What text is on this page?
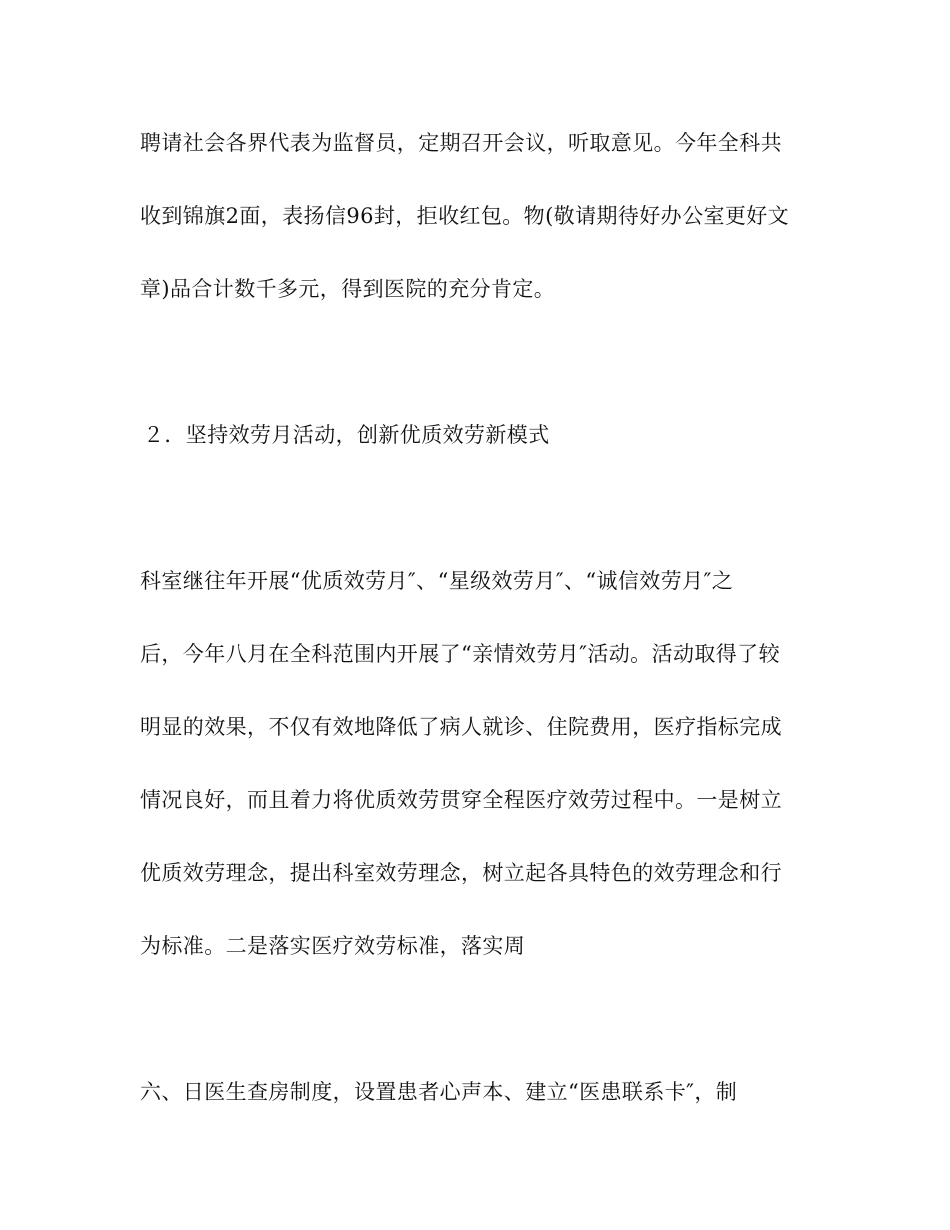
聘请社会各界代表为监督员，定期召开会议，听取意见。今年全科共

收到锦旗2面，表扬信96封，拒收红包。物(敬请期待好办公室更好文

章)品合计数千多元，得到医院的充分肯定。

２．坚持效劳月活动，创新优质效劳新模式

科室继往年开展“优质效劳月″、“星级效劳月″、“诚信效劳月″之

后，今年八月在全科范围内开展了“亲情效劳月″活动。活动取得了较

明显的效果，不仅有效地降低了病人就诊、住院费用，医疗指标完成

情况良好，而且着力将优质效劳贯穿全程医疗效劳过程中。一是树立

优质效劳理念，提出科室效劳理念，树立起各具特色的效劳理念和行

为标准。二是落实医疗效劳标准，落实周

六、日医生查房制度，设置患者心声本、建立“医患联系卡″，制
